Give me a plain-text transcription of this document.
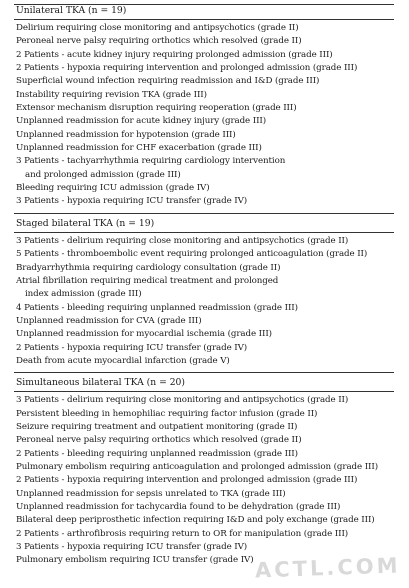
Unilateral TKA (n = 19)
Delirium requiring close monitoring and antipsychotics (grade II)
Peroneal nerve palsy requiring orthotics which resolved (grade II)
2 Patients - acute kidney injury requiring prolonged admission (grade III)
2 Patients - hypoxia requiring intervention and prolonged admission (grade III)
Superficial wound infection requiring readmission and I&D (grade III)
Instability requiring revision TKA (grade III)
Extensor mechanism disruption requiring reoperation (grade III)
Unplanned readmission for acute kidney injury (grade III)
Unplanned readmission for hypotension (grade III)
Unplanned readmission for CHF exacerbation (grade III)
3 Patients - tachyarrhythmia requiring cardiology intervention
and prolonged admission (grade III)
Bleeding requiring ICU admission (grade IV)
3 Patients - hypoxia requiring ICU transfer (grade IV)
Staged bilateral TKA (n = 19)
3 Patients - delirium requiring close monitoring and antipsychotics (grade II)
5 Patients - thromboembolic event requiring prolonged anticoagulation (grade II)
Bradyarrhythmia requiring cardiology consultation (grade II)
Atrial fibrillation requiring medical treatment and prolonged
index admission (grade III)
4 Patients - bleeding requiring unplanned readmission (grade III)
Unplanned readmission for CVA (grade III)
Unplanned readmission for myocardial ischemia (grade III)
2 Patients - hypoxia requiring ICU transfer (grade IV)
Death from acute myocardial infarction (grade V)
Simultaneous bilateral TKA (n = 20)
3 Patients - delirium requiring close monitoring and antipsychotics (grade II)
Persistent bleeding in hemophiliac requiring factor infusion (grade II)
Seizure requiring treatment and outpatient monitoring (grade II)
Peroneal nerve palsy requiring orthotics which resolved (grade II)
2 Patients - bleeding requiring unplanned readmission (grade III)
Pulmonary embolism requiring anticoagulation and prolonged admission (grade III)
2 Patients - hypoxia requiring intervention and prolonged admission (grade III)
Unplanned readmission for sepsis unrelated to TKA (grade III)
Unplanned readmission for tachycardia found to be dehydration (grade III)
Bilateral deep periprosthetic infection requiring I&D and poly exchange (grade III)
2 Patients - arthrofibrosis requiring return to OR for manipulation (grade III)
3 Patients - hypoxia requiring ICU transfer (grade IV)
Pulmonary embolism requiring ICU transfer (grade IV) ACTL.COM
